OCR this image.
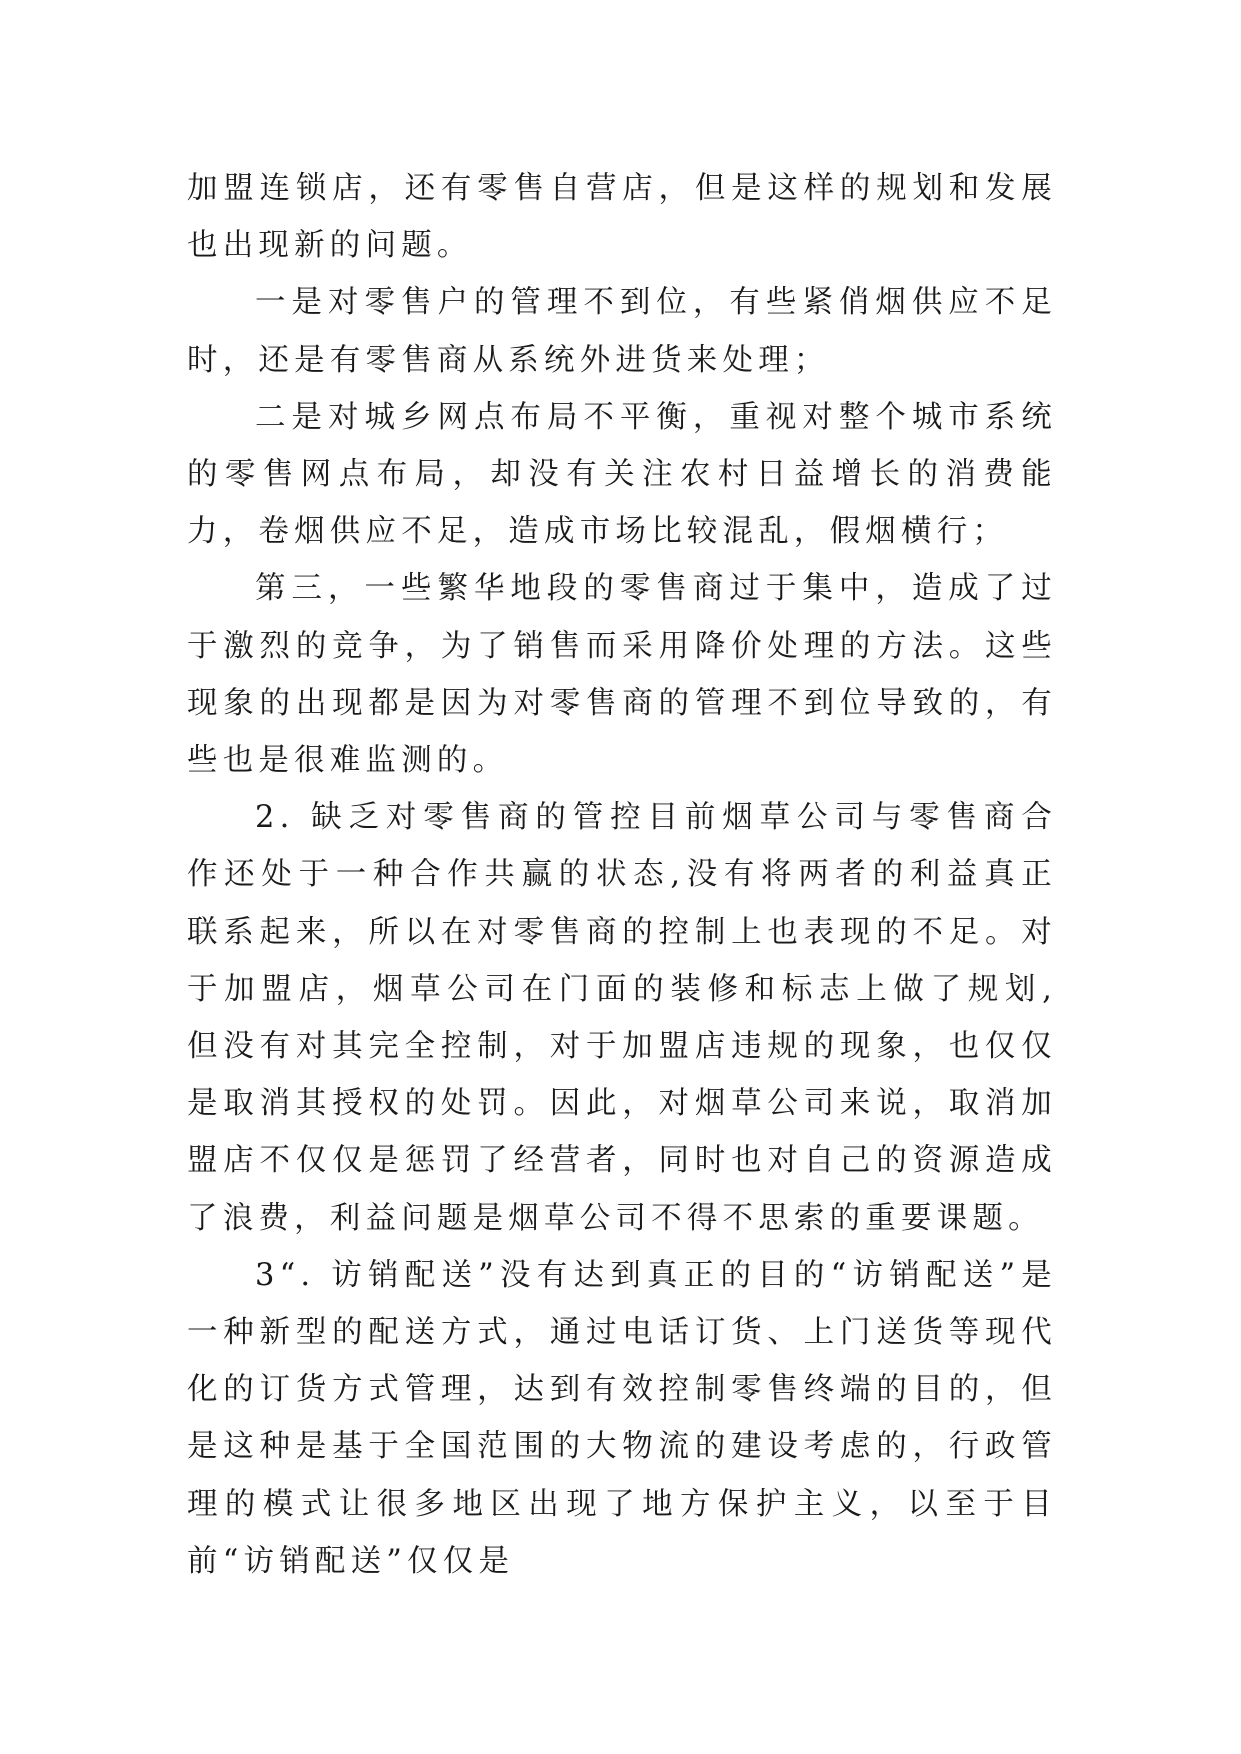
加盟连锁店，还有零售自营店，但是这样的规划和发展也出现新的问题。

一是对零售户的管理不到位，有些紧俏烟供应不足时，还是有零售商从系统外进货来处理；

二是对城乡网点布局不平衡，重视对整个城市系统的零售网点布局，却没有关注农村日益增长的消费能力，卷烟供应不足，造成市场比较混乱，假烟横行；

第三，一些繁华地段的零售商过于集中，造成了过于激烈的竞争，为了销售而采用降价处理的方法。这些现象的出现都是因为对零售商的管理不到位导致的，有些也是很难监测的。

2. 缺乏对零售商的管控目前烟草公司与零售商合作还处于一种合作共赢的状态,没有将两者的利益真正联系起来，所以在对零售商的控制上也表现的不足。对于加盟店，烟草公司在门面的装修和标志上做了规划,但没有对其完全控制，对于加盟店违规的现象，也仅仅是取消其授权的处罚。因此，对烟草公司来说，取消加盟店不仅仅是惩罚了经营者，同时也对自己的资源造成了浪费，利益问题是烟草公司不得不思索的重要课题。

3“. 访销配送”没有达到真正的目的“访销配送”是一种新型的配送方式，通过电话订货、上门送货等现代化的订货方式管理，达到有效控制零售终端的目的，但是这种是基于全国范围的大物流的建设考虑的，行政管理的模式让很多地区出现了地方保护主义，以至于目前“访销配送”仅仅是
